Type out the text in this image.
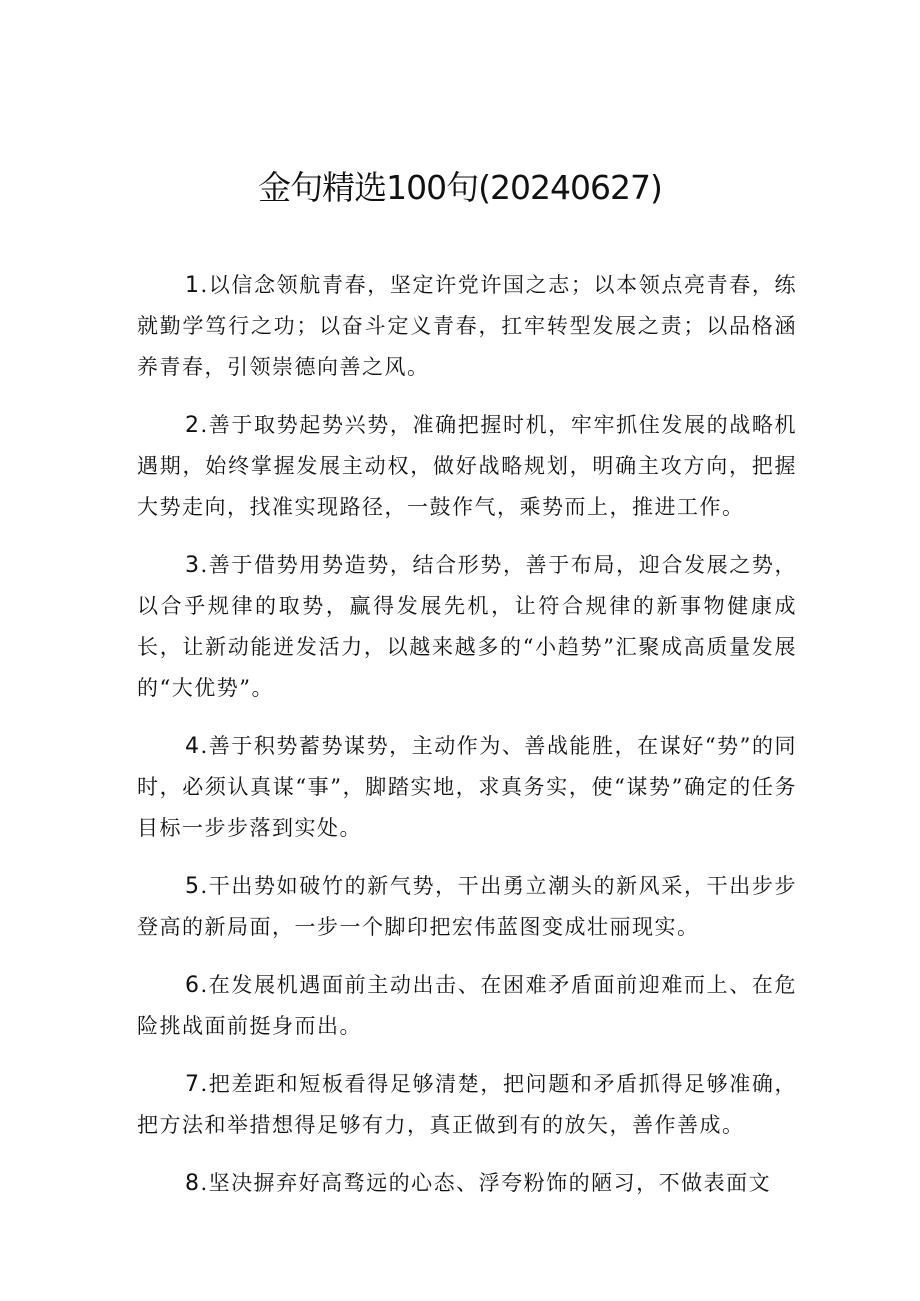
金句精选100句(20240627)

1.以信念领航青春，坚定许党许国之志；以本领点亮青春，练就勤学笃行之功；以奋斗定义青春，扛牢转型发展之责；以品格涵养青春，引领崇德向善之风。

2.善于取势起势兴势，准确把握时机，牢牢抓住发展的战略机遇期，始终掌握发展主动权，做好战略规划，明确主攻方向，把握大势走向，找准实现路径，一鼓作气，乘势而上，推进工作。

3.善于借势用势造势，结合形势，善于布局，迎合发展之势，以合乎规律的取势，赢得发展先机，让符合规律的新事物健康成长，让新动能迸发活力，以越来越多的“小趋势”汇聚成高质量发展的“大优势”。

4.善于积势蓄势谋势，主动作为、善战能胜，在谋好“势”的同时，必须认真谋“事”，脚踏实地，求真务实，使“谋势”确定的任务目标一步步落到实处。

5.干出势如破竹的新气势，干出勇立潮头的新风采，干出步步登高的新局面，一步一个脚印把宏伟蓝图变成壮丽现实。

6.在发展机遇面前主动出击、在困难矛盾面前迎难而上、在危险挑战面前挺身而出。

7.把差距和短板看得足够清楚，把问题和矛盾抓得足够准确，把方法和举措想得足够有力，真正做到有的放矢，善作善成。

8.坚决摒弃好高骛远的心态、浮夸粉饰的陋习，不做表面文
